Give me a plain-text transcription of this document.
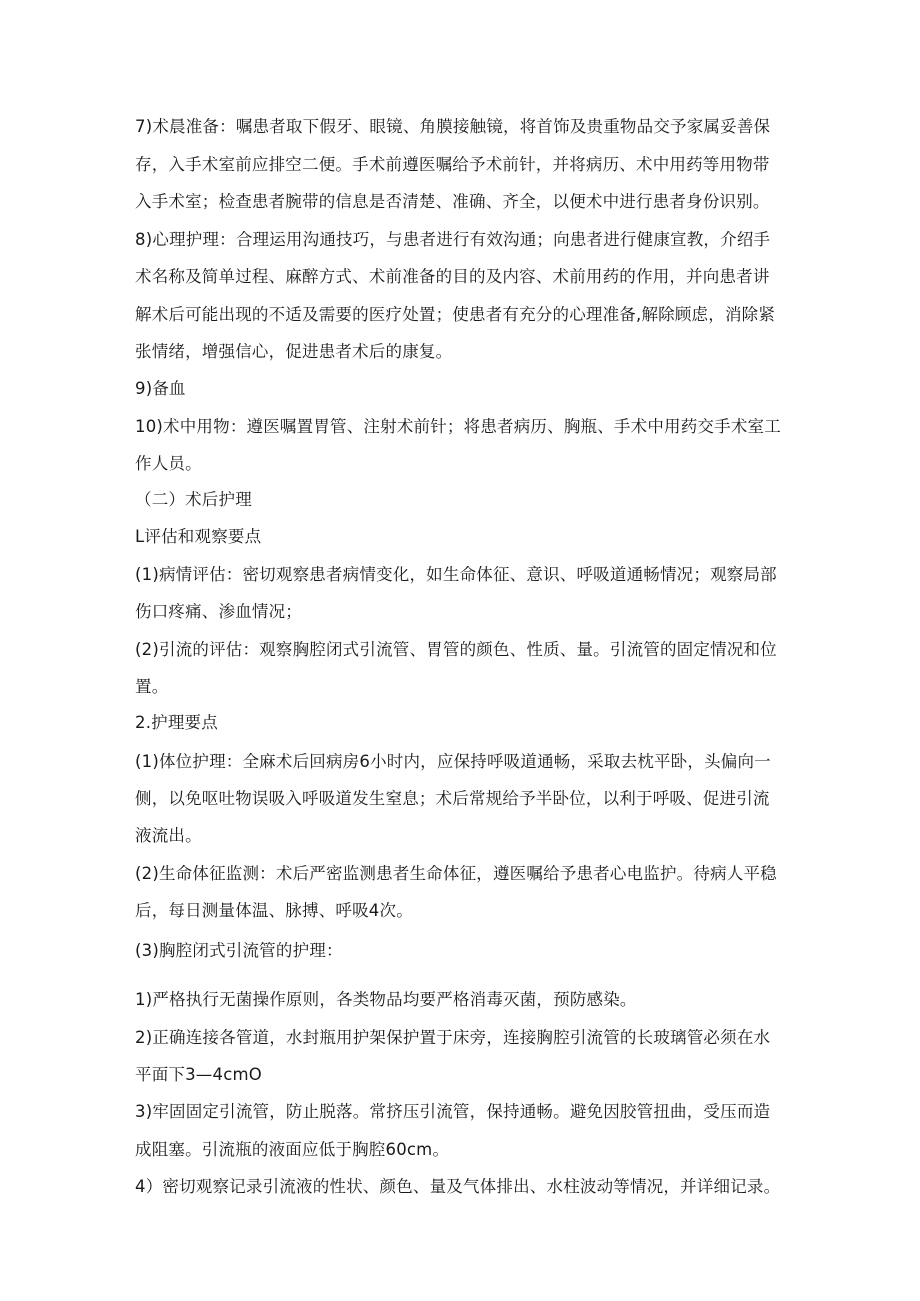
7)术晨准备：嘱患者取下假牙、眼镜、角膜接触镜，将首饰及贵重物品交予家属妥善保
存，入手术室前应排空二便。手术前遵医嘱给予术前针，并将病历、术中用药等用物带
入手术室；检查患者腕带的信息是否清楚、准确、齐全，以便术中进行患者身份识别。
8)心理护理：合理运用沟通技巧，与患者进行有效沟通；向患者进行健康宣教，介绍手
术名称及简单过程、麻醉方式、术前准备的目的及内容、术前用药的作用，并向患者讲
解术后可能出现的不适及需要的医疗处置；使患者有充分的心理准备,解除顾虑，消除紧
张情绪，增强信心，促进患者术后的康复。
9)备血
10)术中用物：遵医嘱置胃管、注射术前针；将患者病历、胸瓶、手术中用药交手术室工
作人员。
（二）术后护理
L评估和观察要点
(1)病情评估：密切观察患者病情变化，如生命体征、意识、呼吸道通畅情况；观察局部
伤口疼痛、渗血情况；
(2)引流的评估：观察胸腔闭式引流管、胃管的颜色、性质、量。引流管的固定情况和位
置。
2.护理要点
(1)体位护理：全麻术后回病房6小时内，应保持呼吸道通畅，采取去枕平卧，头偏向一
侧，以免呕吐物误吸入呼吸道发生窒息；术后常规给予半卧位，以利于呼吸、促进引流
液流出。
(2)生命体征监测：术后严密监测患者生命体征，遵医嘱给予患者心电监护。待病人平稳
后，每日测量体温、脉搏、呼吸4次。
(3)胸腔闭式引流管的护理：
1)严格执行无菌操作原则，各类物品均要严格消毒灭菌，预防感染。
2)正确连接各管道，水封瓶用护架保护置于床旁，连接胸腔引流管的长玻璃管必须在水
平面下3—4cmO
3)牢固固定引流管，防止脱落。常挤压引流管，保持通畅。避免因胶管扭曲，受压而造
成阻塞。引流瓶的液面应低于胸腔60cm。
4）密切观察记录引流液的性状、颜色、量及气体排出、水柱波动等情况，并详细记录。
